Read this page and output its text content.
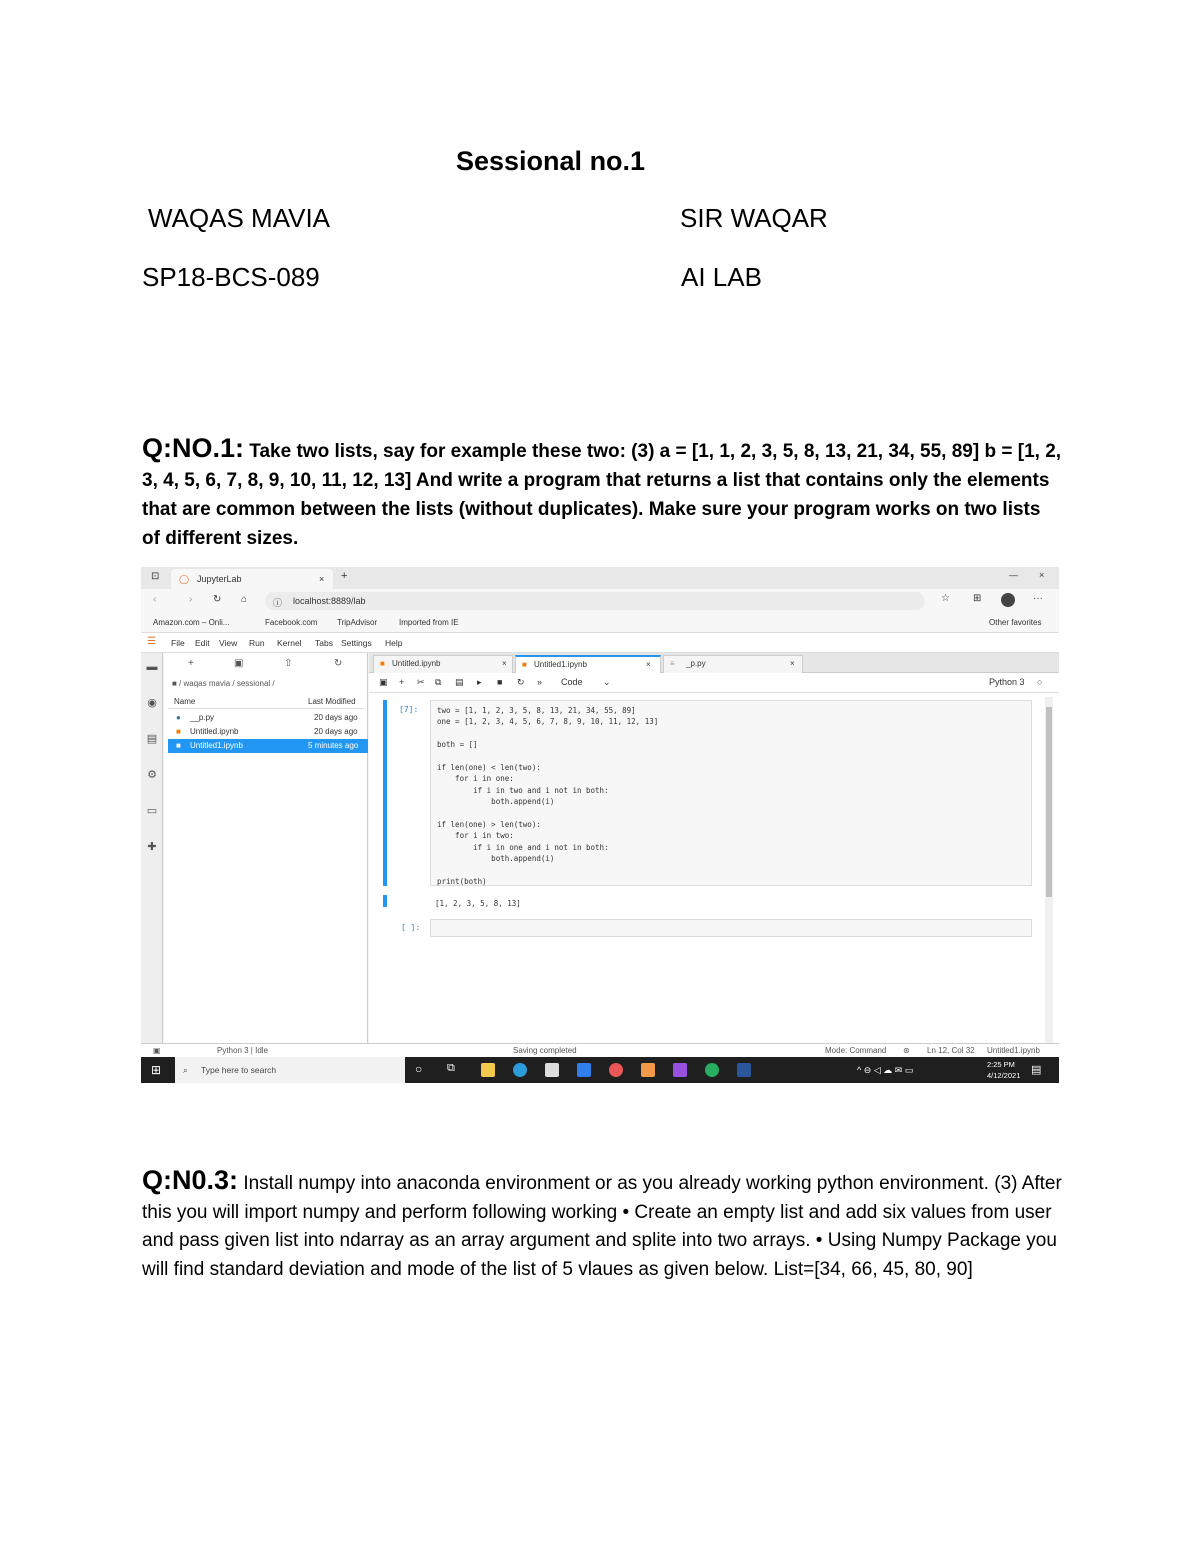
Sessional no.1
WAQAS MAVIA	SIR WAQAR
SP18-BCS-089	AI LAB
Q:NO.1: Take two lists, say for example these two: (3) a = [1, 1, 2, 3, 5, 8, 13, 21, 34, 55, 89] b = [1, 2, 3, 4, 5, 6, 7, 8, 9, 10, 11, 12, 13] And write a program that returns a list that contains only the elements that are common between the lists (without duplicates). Make sure your program works on two lists of different sizes.
◯ JupyterLab	×
⊡	+	— ×
‹	› ↻ ⌂	ⓘ localhost:8889/lab	☆ ⊞	···
Amazon.com – Onli...	Facebook.com TripAdvisor	Imported from IE	Other favorites
☰ File Edit View Run Kernel Tabs Settings Help
▬
◉
▤
⚙
▭
✚
+	▣	⇧	↻
■ / waqas mavia / sessional /
Name	Last Modified
● __p.py	20 days ago
■ Untitled.ipynb	20 days ago
■ Untitled1.ipynb	5 minutes ago
■ Untitled.ipynb	× ■ Untitled1.ipynb	× ≡ _p.py	×
▣ + ✂ ⧉ ▤ ▸ ■ ↻ » Code ⌄	Python 3 ○
[7]: two = [1, 1, 2, 3, 5, 8, 13, 21, 34, 55, 89]
one = [1, 2, 3, 4, 5, 6, 7, 8, 9, 10, 11, 12, 13]

both = []

if len(one) < len(two):
for i in one:
if i in two and i not in both:
both.append(i)

if len(one) > len(two):
for i in two:
if i in one and i not in both:
both.append(i)

print(both)
[1, 2, 3, 5, 8, 13]
[ ]:
▣	Python 3 | Idle	Saving completed	Mode: Command ⊛ Ln 12, Col 32 Untitled1.ipynb
⊞	⌕ Type here to search	○ ⧉	^ ⊖ ◁ ☁ ✉ ▭
2:25 PM
4/12/2021 ▤
Q:N0.3: Install numpy into anaconda environment or as you already working python environment. (3) After this you will import numpy and perform following working • Create an empty list and add six values from user and pass given list into ndarray as an array argument and splite into two arrays. • Using Numpy Package you will find standard deviation and mode of the list of 5 vlaues as given below. List=[34, 66, 45, 80, 90]
